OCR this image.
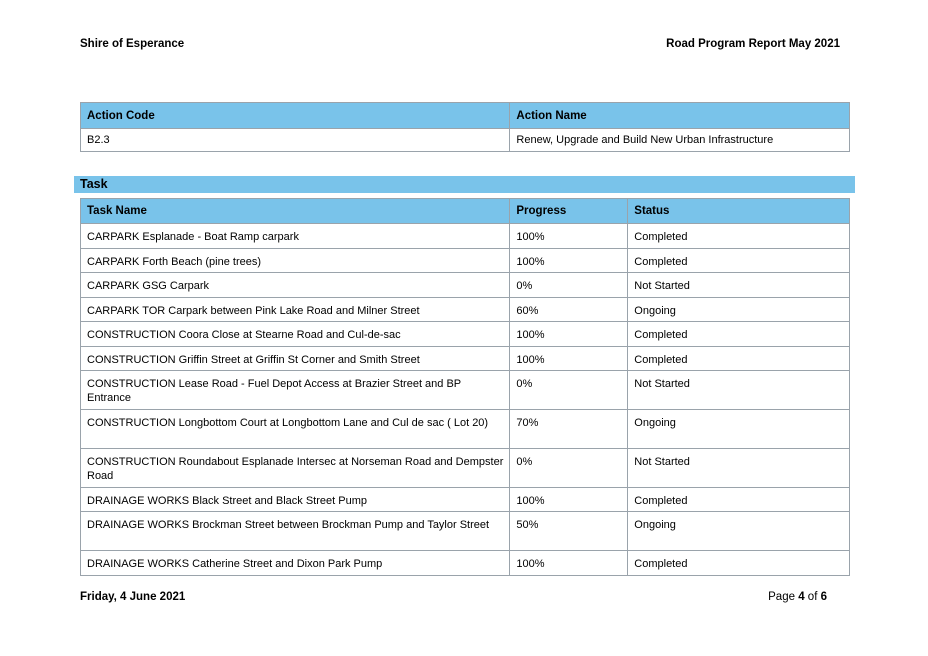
Shire of Esperance	Road Program Report May 2021
Action Code	Action Name
B2.3	Renew, Upgrade and Build New Urban Infrastructure
Task
Task Name	Progress	Status
CARPARK Esplanade - Boat Ramp carpark	100%	Completed
CARPARK Forth Beach (pine trees)	100%	Completed
CARPARK GSG Carpark	0%	Not Started
CARPARK TOR Carpark between Pink Lake Road and Milner Street	60%	Ongoing
CONSTRUCTION Coora Close at Stearne Road and Cul-de-sac	100%	Completed
CONSTRUCTION Griffin Street at Griffin St Corner and Smith Street	100%	Completed
CONSTRUCTION Lease Road - Fuel Depot Access at Brazier Street and BP Entrance	0%	Not Started
CONSTRUCTION Longbottom Court at Longbottom Lane and Cul de sac ( Lot 20)	70%	Ongoing
CONSTRUCTION Roundabout Esplanade Intersec at Norseman Road and Dempster Road	0%	Not Started
DRAINAGE WORKS Black Street and Black Street Pump	100%	Completed
DRAINAGE WORKS Brockman Street between Brockman Pump and Taylor Street	50%	Ongoing
DRAINAGE WORKS Catherine Street and Dixon Park Pump	100%	Completed
Friday, 4 June 2021	Page 4 of 6
